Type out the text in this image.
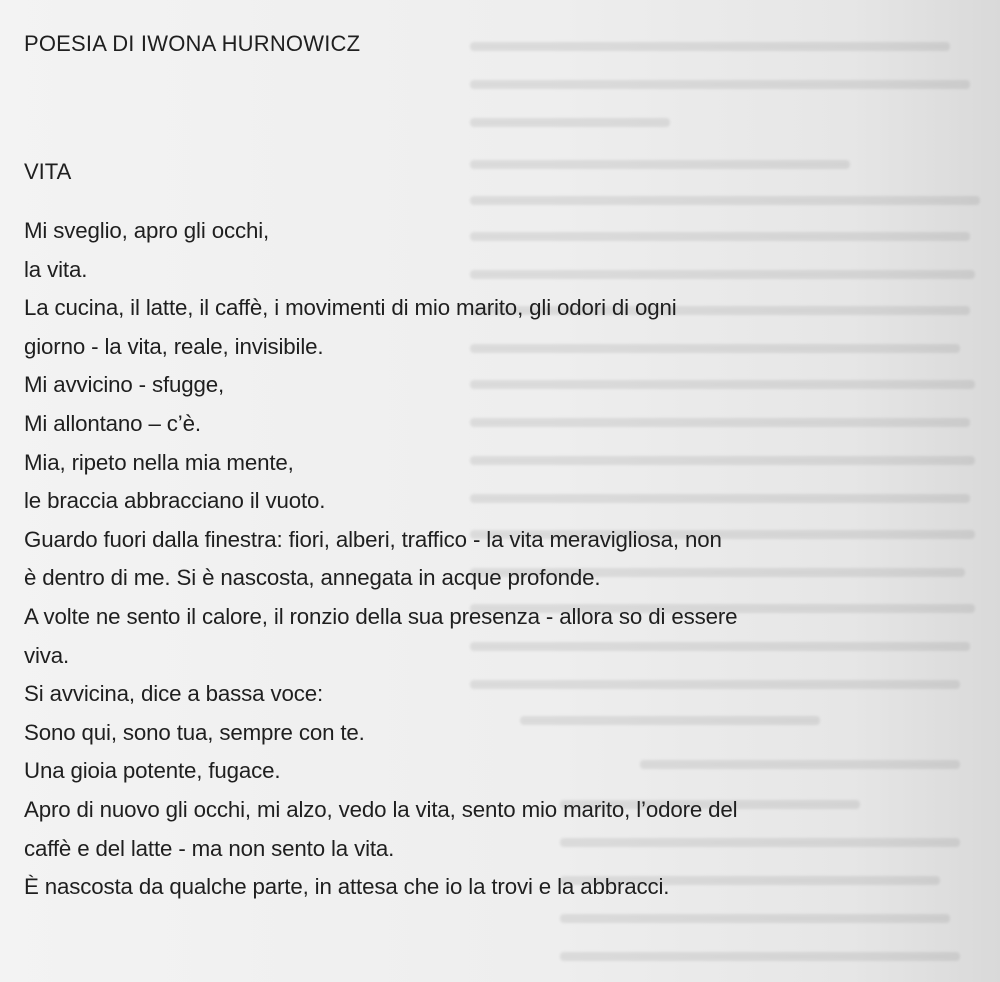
POESIA DI IWONA HURNOWICZ
VITA
Mi sveglio, apro gli occhi,
la vita.
La cucina, il latte, il caffè, i movimenti di mio marito, gli odori di ogni
giorno - la vita, reale, invisibile.
Mi avvicino - sfugge,
Mi allontano – c’è.
Mia, ripeto nella mia mente,
le braccia abbracciano il vuoto.
Guardo fuori dalla finestra: fiori, alberi, traffico - la vita meravigliosa, non
è dentro di me. Si è nascosta, annegata in acque profonde.
A volte ne sento il calore, il ronzio della sua presenza - allora so di essere
viva.
Si avvicina, dice a bassa voce:
Sono qui, sono tua, sempre con te.
Una gioia potente, fugace.
Apro di nuovo gli occhi, mi alzo, vedo la vita, sento mio marito, l’odore del
caffè e del latte - ma non sento la vita.
È nascosta da qualche parte, in attesa che io la trovi e la abbracci.
